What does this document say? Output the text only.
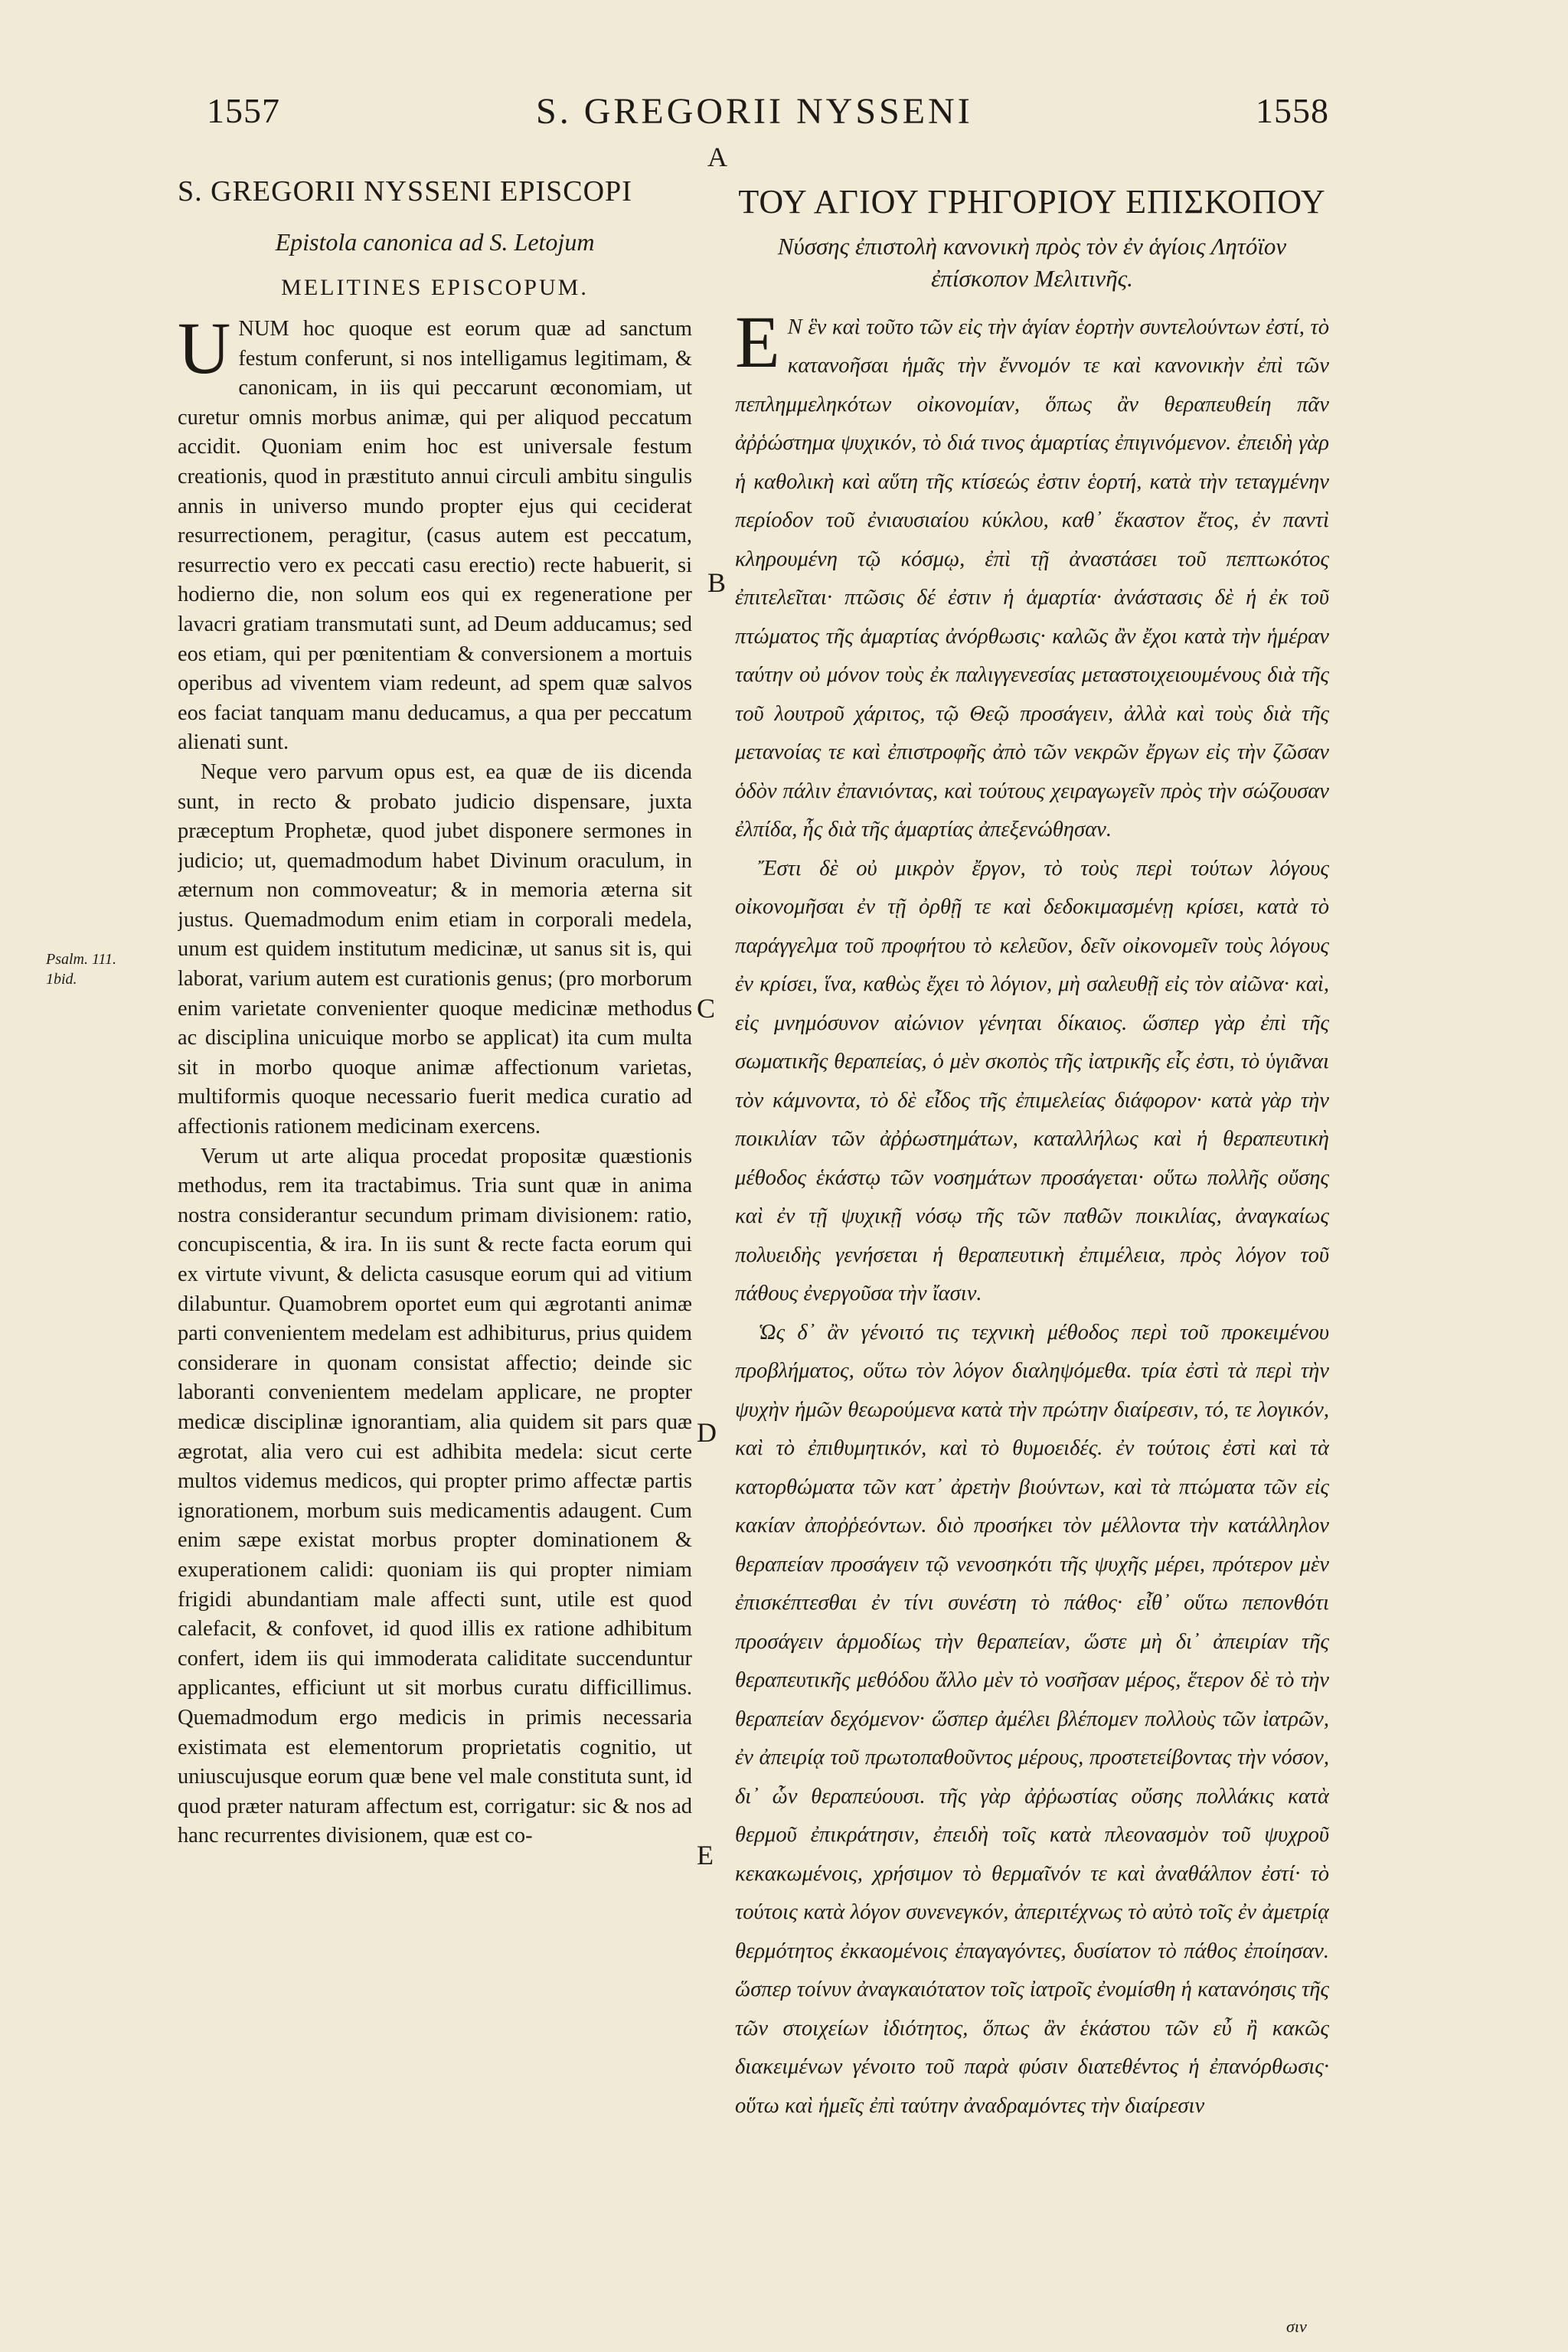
1557	S. GREGORII NYSSENI	1558
A
B
C
D
E
Psalm. 111. 1bid.
S. GREGORII NYSSENI EPISCOPI
Epistola canonica ad S. Letojum
MELITINES EPISCOPUM.
U NUM hoc quoque est eorum quæ ad sanctum festum conferunt, si nos intelligamus legitimam, & canonicam, in iis qui peccarunt œconomiam, ut curetur omnis morbus animæ, qui per aliquod peccatum accidit. Quoniam enim hoc est universale festum creationis, quod in præstituto annui circuli ambitu singulis annis in universo mundo propter ejus qui ceciderat resurrectionem, peragitur, (casus autem est peccatum, resurrectio vero ex peccati casu erectio) recte habuerit, si hodierno die, non solum eos qui ex regeneratione per lavacri gratiam transmutati sunt, ad Deum adducamus; sed eos etiam, qui per pœnitentiam & conversionem a mortuis operibus ad viventem viam redeunt, ad spem quæ salvos eos faciat tanquam manu deducamus, a qua per peccatum alienati sunt.

Neque vero parvum opus est, ea quæ de iis dicenda sunt, in recto & probato judicio dispensare, juxta præceptum Prophetæ, quod jubet disponere sermones in judicio; ut, quemadmodum habet Divinum oraculum, in æternum non commoveatur; & in memoria æterna sit justus. Quemadmodum enim etiam in corporali medela, unum est quidem institutum medicinæ, ut sanus sit is, qui laborat, varium autem est curationis genus; (pro morborum enim varietate convenienter quoque medicinæ methodus ac disciplina unicuique morbo se applicat) ita cum multa sit in morbo quoque animæ affectionum varietas, multiformis quoque necessario fuerit medica curatio ad affectionis rationem medicinam exercens.

Verum ut arte aliqua procedat propositæ quæstionis methodus, rem ita tractabimus. Tria sunt quæ in anima nostra considerantur secundum primam divisionem: ratio, concupiscentia, & ira. In iis sunt & recte facta eorum qui ex virtute vivunt, & delicta casusque eorum qui ad vitium dilabuntur. Quamobrem oportet eum qui ægrotanti animæ parti convenientem medelam est adhibiturus, prius quidem considerare in quonam consistat affectio; deinde sic laboranti convenientem medelam applicare, ne propter medicæ disciplinæ ignorantiam, alia quidem sit pars quæ ægrotat, alia vero cui est adhibita medela: sicut certe multos videmus medicos, qui propter primo affectæ partis ignorationem, morbum suis medicamentis adaugent. Cum enim sæpe existat morbus propter dominationem & exuperationem calidi: quoniam iis qui propter nimiam frigidi abundantiam male affecti sunt, utile est quod calefacit, & confovet, id quod illis ex ratione adhibitum confert, idem iis qui immoderata caliditate succenduntur applicantes, efficiunt ut sit morbus curatu difficillimus. Quemadmodum ergo medicis in primis necessaria existimata est elementorum proprietatis cognitio, ut uniuscujusque eorum quæ bene vel male constituta sunt, id quod præter naturam affectum est, corrigatur: sic & nos ad hanc recurrentes divisionem, quæ est co-

ΤΟΥ ΑΓΙΟΥ ΓΡΗΓΟΡΙΟΥ ΕΠΙΣΚΟΠΟΥ
Νύσσης ἐπιστολὴ κανονικὴ πρὸς τὸν ἐν ἁγίοις Λητόϊον ἐπίσκοπον Μελιτινῆς.
Ε Ν ἓν καὶ τοῦτο τῶν εἰς τὴν ἁγίαν ἑορτὴν συντελούντων ἐστί, τὸ κατανοῆσαι ἡμᾶς τὴν ἔννομόν τε καὶ κανονικὴν ἐπὶ τῶν πεπλημμεληκότων οἰκονομίαν, ὅπως ἂν θεραπευθείη πᾶν ἀῤῥώστημα ψυχικόν, τὸ διά τινος ἁμαρτίας ἐπιγινόμενον. ἐπειδὴ γὰρ ἡ καθολικὴ καὶ αὕτη τῆς κτίσεώς ἐστιν ἑορτή, κατὰ τὴν τεταγμένην περίοδον τοῦ ἐνιαυσιαίου κύκλου, καθ᾽ ἕκαστον ἔτος, ἐν παντὶ κληρουμένη τῷ κόσμῳ, ἐπὶ τῇ ἀναστάσει τοῦ πεπτωκότος ἐπιτελεῖται· πτῶσις δέ ἐστιν ἡ ἁμαρτία· ἀνάστασις δὲ ἡ ἐκ τοῦ πτώματος τῆς ἁμαρτίας ἀνόρθωσις· καλῶς ἂν ἔχοι κατὰ τὴν ἡμέραν ταύτην οὐ μόνον τοὺς ἐκ παλιγγενεσίας μεταστοιχειουμένους διὰ τῆς τοῦ λουτροῦ χάριτος, τῷ Θεῷ προσάγειν, ἀλλὰ καὶ τοὺς διὰ τῆς μετανοίας τε καὶ ἐπιστροφῆς ἀπὸ τῶν νεκρῶν ἔργων εἰς τὴν ζῶσαν ὁδὸν πάλιν ἐπανιόντας, καὶ τούτους χειραγωγεῖν πρὸς τὴν σώζουσαν ἐλπίδα, ἧς διὰ τῆς ἁμαρτίας ἀπεξενώθησαν.

Ἔστι δὲ οὐ μικρὸν ἔργον, τὸ τοὺς περὶ τούτων λόγους οἰκονομῆσαι ἐν τῇ ὀρθῇ τε καὶ δεδοκιμασμένῃ κρίσει, κατὰ τὸ παράγγελμα τοῦ προφήτου τὸ κελεῦον, δεῖν οἰκονομεῖν τοὺς λόγους ἐν κρίσει, ἵνα, καθὼς ἔχει τὸ λόγιον, μὴ σαλευθῇ εἰς τὸν αἰῶνα· καὶ, εἰς μνημόσυνον αἰώνιον γένηται δίκαιος. ὥσπερ γὰρ ἐπὶ τῆς σωματικῆς θεραπείας, ὁ μὲν σκοπὸς τῆς ἰατρικῆς εἷς ἐστι, τὸ ὑγιᾶναι τὸν κάμνοντα, τὸ δὲ εἶδος τῆς ἐπιμελείας διάφορον· κατὰ γὰρ τὴν ποικιλίαν τῶν ἀῤῥωστημάτων, καταλλήλως καὶ ἡ θεραπευτικὴ μέθοδος ἑκάστῳ τῶν νοσημάτων προσάγεται· οὕτω πολλῆς οὔσης καὶ ἐν τῇ ψυχικῇ νόσῳ τῆς τῶν παθῶν ποικιλίας, ἀναγκαίως πολυειδὴς γενήσεται ἡ θεραπευτικὴ ἐπιμέλεια, πρὸς λόγον τοῦ πάθους ἐνεργοῦσα τὴν ἴασιν.

Ὡς δ᾽ ἂν γένοιτό τις τεχνικὴ μέθοδος περὶ τοῦ προκειμένου προβλήματος, οὕτω τὸν λόγον διαληψόμεθα. τρία ἐστὶ τὰ περὶ τὴν ψυχὴν ἡμῶν θεωρούμενα κατὰ τὴν πρώτην διαίρεσιν, τό, τε λογικόν, καὶ τὸ ἐπιθυμητικόν, καὶ τὸ θυμοειδές. ἐν τούτοις ἐστὶ καὶ τὰ κατορθώματα τῶν κατ᾽ ἀρετὴν βιούντων, καὶ τὰ πτώματα τῶν εἰς κακίαν ἀποῤῥεόντων. διὸ προσήκει τὸν μέλλοντα τὴν κατάλληλον θεραπείαν προσάγειν τῷ νενοσηκότι τῆς ψυχῆς μέρει, πρότερον μὲν ἐπισκέπτεσθαι ἐν τίνι συνέστη τὸ πάθος· εἶθ᾽ οὕτω πεπονθότι προσάγειν ἁρμοδίως τὴν θεραπείαν, ὥστε μὴ δι᾽ ἀπειρίαν τῆς θεραπευτικῆς μεθόδου ἄλλο μὲν τὸ νοσῆσαν μέρος, ἕτερον δὲ τὸ τὴν θεραπείαν δεχόμενον· ὥσπερ ἀμέλει βλέπομεν πολλοὺς τῶν ἰατρῶν, ἐν ἀπειρίᾳ τοῦ πρωτοπαθοῦντος μέρους, προστετείβοντας τὴν νόσον, δι᾽ ὧν θεραπεύουσι. τῆς γὰρ ἀῤῥωστίας οὔσης πολλάκις κατὰ θερμοῦ ἐπικράτησιν, ἐπειδὴ τοῖς κατὰ πλεονασμὸν τοῦ ψυχροῦ κεκακωμένοις, χρήσιμον τὸ θερμαῖνόν τε καὶ ἀναθάλπον ἐστί· τὸ τούτοις κατὰ λόγον συνενεγκόν, ἀπεριτέχνως τὸ αὐτὸ τοῖς ἐν ἀμετρίᾳ θερμότητος ἐκκαομένοις ἐπαγαγόντες, δυσίατον τὸ πάθος ἐποίησαν. ὥσπερ τοίνυν ἀναγκαιότατον τοῖς ἰατροῖς ἐνομίσθη ἡ κατανόησις τῆς τῶν στοιχείων ἰδιότητος, ὅπως ἂν ἑκάστου τῶν εὖ ἢ κακῶς διακειμένων γένοιτο τοῦ παρὰ φύσιν διατεθέντος ἡ ἐπανόρθωσις· οὕτω καὶ ἡμεῖς ἐπὶ ταύτην ἀναδραμόντες τὴν διαίρεσιν

σιν
